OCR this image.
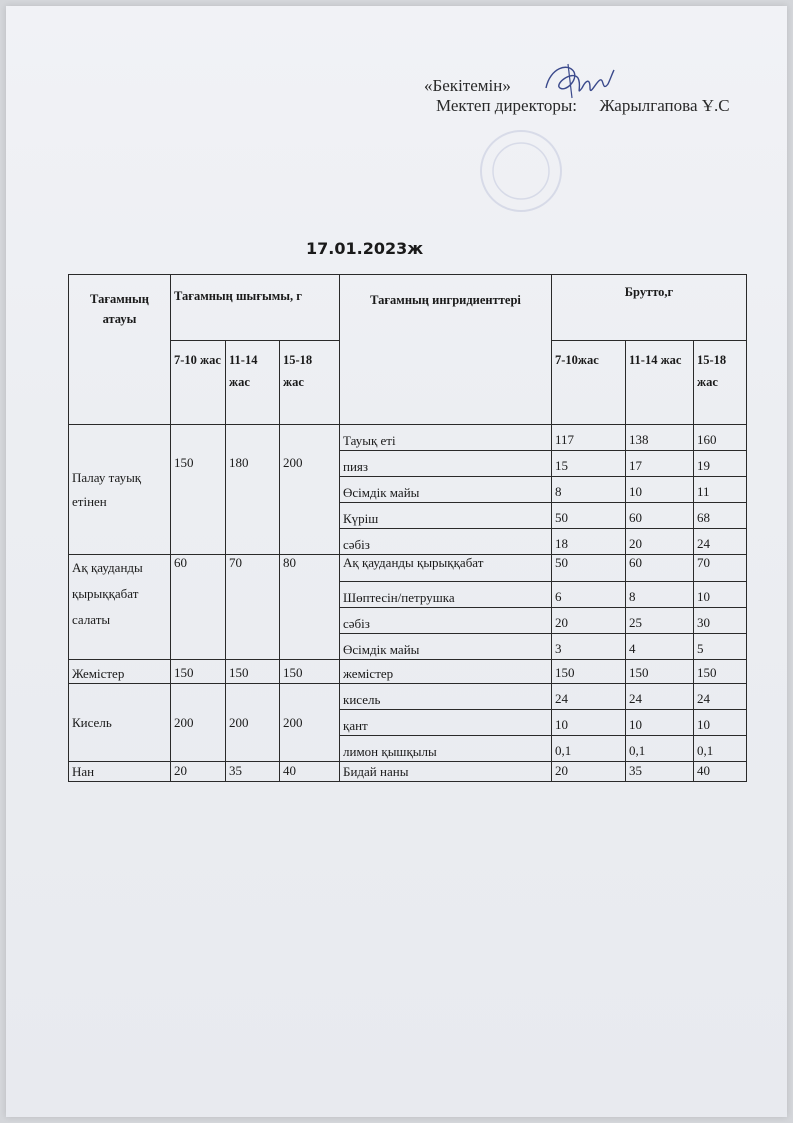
«Бекітемін»
Мектеп директоры: Жарылгапова Ұ.С
17.01.2023ж
Тағамның атауы	Тағамның шығымы, г			Тағамның ингридиенттері	Брутто,г		
	7-10 жас	11-14 жас	15-18 жас		7-10жас	11-14 жас	15-18 жас
Палау тауық етінен	150	180	200	Тауық еті	117	138	160
				пияз	15	17	19
				Өсімдік майы	8	10	11
				Күріш	50	60	68
				сәбіз	18	20	24
Ақ қауданды қырыққабат салаты	60	70	80	Ақ қауданды қырыққабат	50	60	70
				Шөптесін/петрушка	6	8	10
				сәбіз	20	25	30
				Өсімдік майы	3	4	5
Жемістер	150	150	150	жемістер	150	150	150
Кисель	200	200	200	кисель	24	24	24
				қант	10	10	10
				лимон қышқылы	0,1	0,1	0,1
Нан	20	35	40	Бидай наны	20	35	40
